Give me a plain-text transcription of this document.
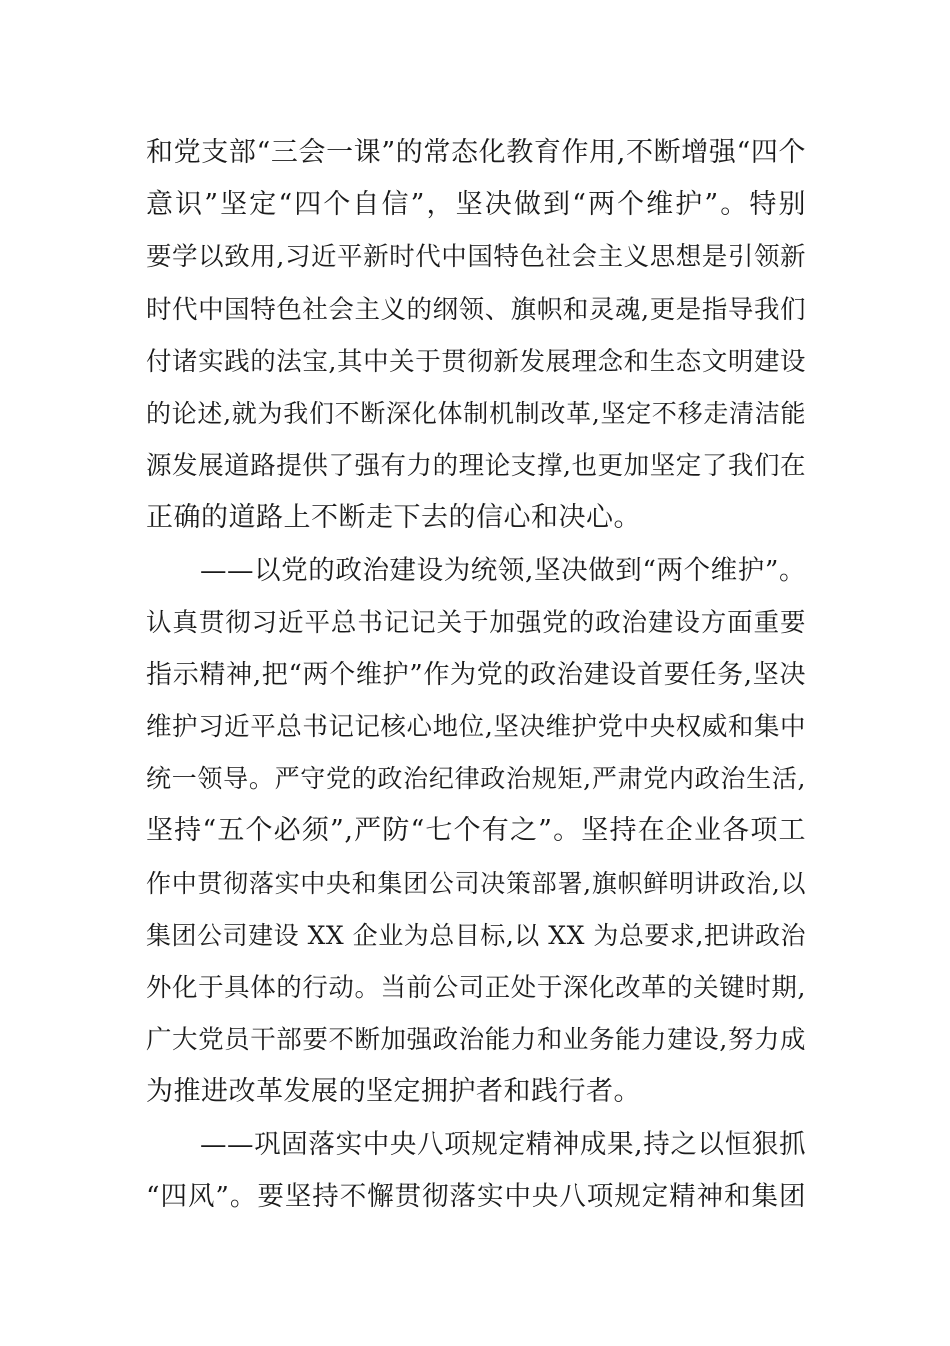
和党支部“三会一课”的常态化教育作用,不断增强“四个
意识”坚定“四个自信”，坚决做到“两个维护”。特别
要学以致用,习近平新时代中国特色社会主义思想是引领新
时代中国特色社会主义的纲领、旗帜和灵魂,更是指导我们
付诸实践的法宝,其中关于贯彻新发展理念和生态文明建设
的论述,就为我们不断深化体制机制改革,坚定不移走清洁能
源发展道路提供了强有力的理论支撑,也更加坚定了我们在
正确的道路上不断走下去的信心和决心。
——以党的政治建设为统领,坚决做到“两个维护”。
认真贯彻习近平总书记记关于加强党的政治建设方面重要
指示精神,把“两个维护”作为党的政治建设首要任务,坚决
维护习近平总书记记核心地位,坚决维护党中央权威和集中
统一领导。严守党的政治纪律政治规矩,严肃党内政治生活,
坚持“五个必须”,严防“七个有之”。坚持在企业各项工
作中贯彻落实中央和集团公司决策部署,旗帜鲜明讲政治,以
集团公司建设 XX 企业为总目标,以 XX 为总要求,把讲政治
外化于具体的行动。当前公司正处于深化改革的关键时期,
广大党员干部要不断加强政治能力和业务能力建设,努力成
为推进改革发展的坚定拥护者和践行者。
——巩固落实中央八项规定精神成果,持之以恒狠抓
“四风”。要坚持不懈贯彻落实中央八项规定精神和集团
